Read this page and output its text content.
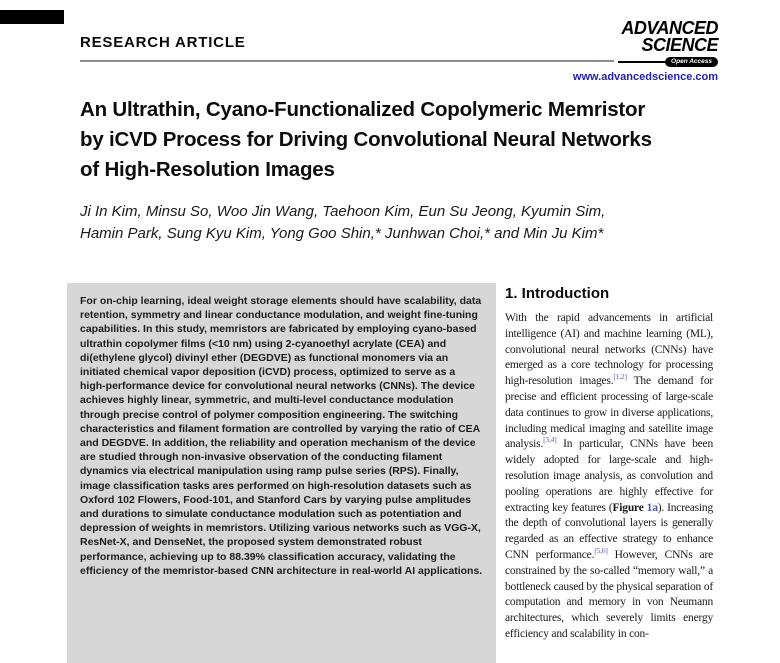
RESEARCH ARTICLE
ADVANCED
SCIENCE
Open Access
www.advancedscience.com
An Ultrathin, Cyano-Functionalized Copolymeric Memristor
by iCVD Process for Driving Convolutional Neural Networks
of High-Resolution Images
Ji In Kim, Minsu So, Woo Jin Wang, Taehoon Kim, Eun Su Jeong, Kyumin Sim,
Hamin Park, Sung Kyu Kim, Yong Goo Shin,* Junhwan Choi,* and Min Ju Kim*
For on-chip learning, ideal weight storage elements should have scalability, data retention, symmetry and linear conductance modulation, and weight fine-tuning capabilities. In this study, memristors are fabricated by employing cyano-based ultrathin copolymer films (<10 nm) using 2-cyanoethyl acrylate (CEA) and di(ethylene glycol) divinyl ether (DEGDVE) as functional monomers via an initiated chemical vapor deposition (iCVD) process, optimized to serve as a high-performance device for convolutional neural networks (CNNs). The device achieves highly linear, symmetric, and multi-level conductance modulation through precise control of polymer composition engineering. The switching characteristics and filament formation are controlled by varying the ratio of CEA and DEGDVE. In addition, the reliability and operation mechanism of the device are studied through non-invasive observation of the conducting filament dynamics via electrical manipulation using ramp pulse series (RPS). Finally, image classification tasks ares performed on high-resolution datasets such as Oxford 102 Flowers, Food-101, and Stanford Cars by varying pulse amplitudes and durations to simulate conductance modulation such as potentiation and depression of weights in memristors. Utilizing various networks such as VGG-X, ResNet-X, and DenseNet, the proposed system demonstrated robust performance, achieving up to 88.39% classification accuracy, validating the efficiency of the memristor-based CNN architecture in real-world AI applications.
1. Introduction
With the rapid advancements in artificial intelligence (AI) and machine learning (ML), convolutional neural networks (CNNs) have emerged as a core technology for processing high-resolution images.[1,2] The demand for precise and efficient processing of large-scale data continues to grow in diverse applications, including medical imaging and satellite image analysis.[3,4] In particular, CNNs have been widely adopted for large-scale and high-resolution image analysis, as convolution and pooling operations are highly effective for extracting key features (Figure 1a). Increasing the depth of convolutional layers is generally regarded as an effective strategy to enhance CNN performance.[5,6] However, CNNs are constrained by the so-called “memory wall,” a bottleneck caused by the physical separation of computation and memory in von Neumann architectures, which severely limits energy efficiency and scalability in con-
